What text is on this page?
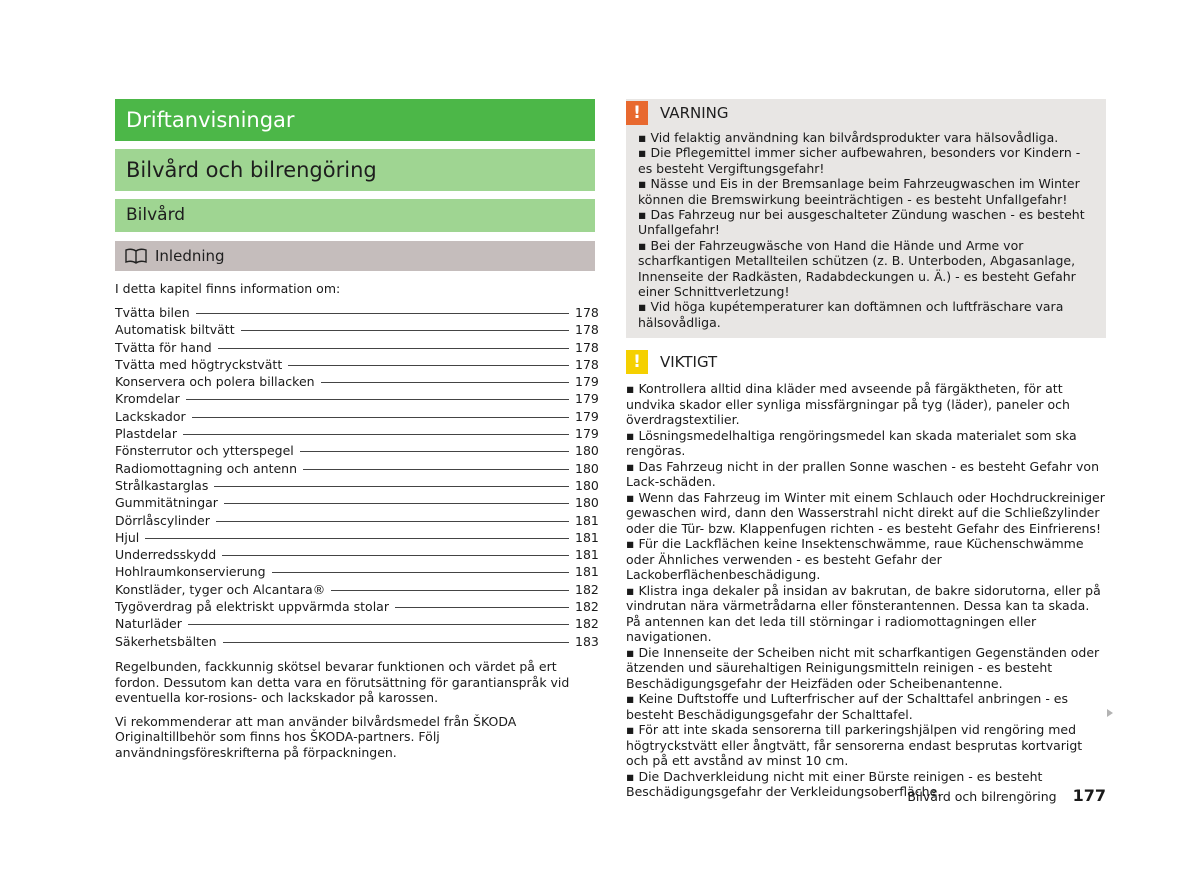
Driftanvisningar
Bilvård och bilrengöring
Bilvård
Inledning
I detta kapitel finns information om:
Tvätta bilen	178
Automatisk biltvätt	178
Tvätta för hand	178
Tvätta med högtryckstvätt	178
Konservera och polera billacken	179
Kromdelar	179
Lackskador	179
Plastdelar	179
Fönsterrutor och ytterspegel	180
Radiomottagning och antenn	180
Strålkastarglas	180
Gummitätningar	180
Dörrlåscylinder	181
Hjul	181
Underredsskydd	181
Hohlraumkonservierung	181
Konstläder, tyger och Alcantara®	182
Tygöverdrag på elektriskt uppvärmda stolar	182
Naturläder	182
Säkerhetsbälten	183

Regelbunden, fackkunnig skötsel bevarar funktionen och värdet på ert fordon. Dessutom kan detta vara en förutsättning för garantianspråk vid eventuella kor-rosions- och lackskador på karossen.

Vi rekommenderar att man använder bilvårdsmedel från ŠKODA Originaltillbehör som finns hos ŠKODA-partners. Följ användningsföreskrifterna på förpackningen.

!	VARNING
▪ Vid felaktig användning kan bilvårdsprodukter vara hälsovådliga.
▪ Die Pflegemittel immer sicher aufbewahren, besonders vor Kindern - es besteht Vergiftungsgefahr!
▪ Nässe und Eis in der Bremsanlage beim Fahrzeugwaschen im Winter können die Bremswirkung beeinträchtigen - es besteht Unfallgefahr!
▪ Das Fahrzeug nur bei ausgeschalteter Zündung waschen - es besteht Unfallgefahr!
▪ Bei der Fahrzeugwäsche von Hand die Hände und Arme vor scharfkantigen Metallteilen schützen (z. B. Unterboden, Abgasanlage, Innenseite der Radkästen, Radabdeckungen u. Ä.) - es besteht Gefahr einer Schnittverletzung!
▪ Vid höga kupétemperaturer kan doftämnen och luftfräschare vara hälsovådliga.
!	VIKTIGT
▪ Kontrollera alltid dina kläder med avseende på färgäktheten, för att undvika skador eller synliga missfärgningar på tyg (läder), paneler och överdragstextilier.
▪ Lösningsmedelhaltiga rengöringsmedel kan skada materialet som ska rengöras.
▪ Das Fahrzeug nicht in der prallen Sonne waschen - es besteht Gefahr von Lack-schäden.
▪ Wenn das Fahrzeug im Winter mit einem Schlauch oder Hochdruckreiniger gewaschen wird, dann den Wasserstrahl nicht direkt auf die Schließzylinder oder die Tür- bzw. Klappenfugen richten - es besteht Gefahr des Einfrierens!
▪ Für die Lackflächen keine Insektenschwämme, raue Küchenschwämme oder Ähnliches verwenden - es besteht Gefahr der Lackoberflächenbeschädigung.
▪ Klistra inga dekaler på insidan av bakrutan, de bakre sidorutorna, eller på vindrutan nära värmetrådarna eller fönsterantennen. Dessa kan ta skada. På antennen kan det leda till störningar i radiomottagningen eller navigationen.
▪ Die Innenseite der Scheiben nicht mit scharfkantigen Gegenständen oder ätzenden und säurehaltigen Reinigungsmitteln reinigen - es besteht Beschädigungsgefahr der Heizfäden oder Scheibenantenne.
▪ Keine Duftstoffe und Lufterfrischer auf der Schalttafel anbringen - es besteht Beschädigungsgefahr der Schalttafel.
▪ För att inte skada sensorerna till parkeringshjälpen vid rengöring med högtryckstvätt eller ångtvätt, får sensorerna endast besprutas kortvarigt och på ett avstånd av minst 10 cm.
▪ Die Dachverkleidung nicht mit einer Bürste reinigen - es besteht Beschädigungsgefahr der Verkleidungsoberfläche.
Bilvård och bilrengöring 177
